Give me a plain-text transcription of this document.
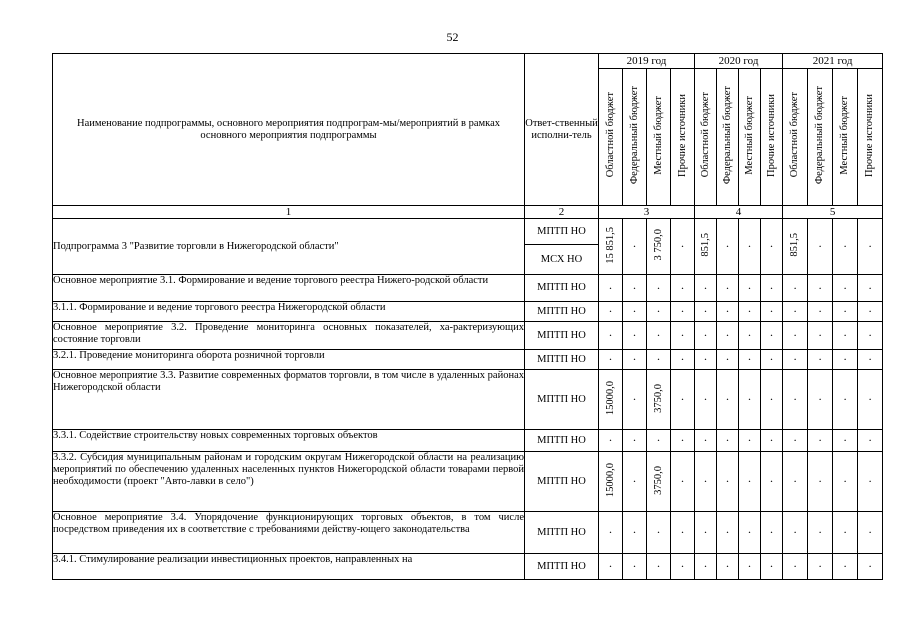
52
Наименование подпрограммы, основного мероприятия подпрограм-мы/мероприятий в рамках основного мероприятия подпрограммы	Ответ-ственный исполни-тель	2019 год				2020 год				2021 год			
		Областной бюджет	Федеральный бюджет	Местный бюджет	Прочие источники	Областной бюджет	Федеральный бюджет	Местный бюджет	Прочие источники	Областной бюджет	Федеральный бюджет	Местный бюджет	Прочие источники
1	2	3				4				5			
Подпрограмма 3 "Развитие торговли в Нижегородской области"	МПТП НО	15 851,5	·	3 750,0	·	851,5	·	·	·	851,5	·	·	·
	МСХ НО												
Основное мероприятие 3.1. Формирование и ведение торгового реестра Нижего-родской области	МПТП НО	·	·	·	·	·	·	·	·	·	·	·	·
3.1.1. Формирование и ведение торгового реестра Нижегородской области	МПТП НО	·	·	·	·	·	·	·	·	·	·	·	·
Основное мероприятие 3.2. Проведение мониторинга основных показателей, ха-рактеризующих состояние торговли	МПТП НО	·	·	·	·	·	·	·	·	·	·	·	·
3.2.1. Проведение мониторинга оборота розничной торговли	МПТП НО	·	·	·	·	·	·	·	·	·	·	·	·
Основное мероприятие 3.3. Развитие современных форматов торговли, в том числе в удаленных районах Нижегородской области	МПТП НО	15000,0	·	3750,0	·	·	·	·	·	·	·	·	·
3.3.1. Содействие строительству новых современных торговых объектов	МПТП НО	·	·	·	·	·	·	·	·	·	·	·	·
3.3.2. Субсидия муниципальным районам и городским округам Нижегородской области на реализацию мероприятий по обеспечению удаленных населенных пунктов Нижегородской области товарами первой необходимости (проект "Авто-лавки в село")	МПТП НО	15000,0	·	3750,0	·	·	·	·	·	·	·	·	·
Основное мероприятие 3.4. Упорядочение функционирующих торговых объектов, в том числе посредством приведения их в соответствие с требованиями действу-ющего законодательства	МПТП НО	·	·	·	·	·	·	·	·	·	·	·	·
3.4.1. Стимулирование реализации инвестиционных проектов, направленных на	МПТП НО	·	·	·	·	·	·	·	·	·	·	·	·
